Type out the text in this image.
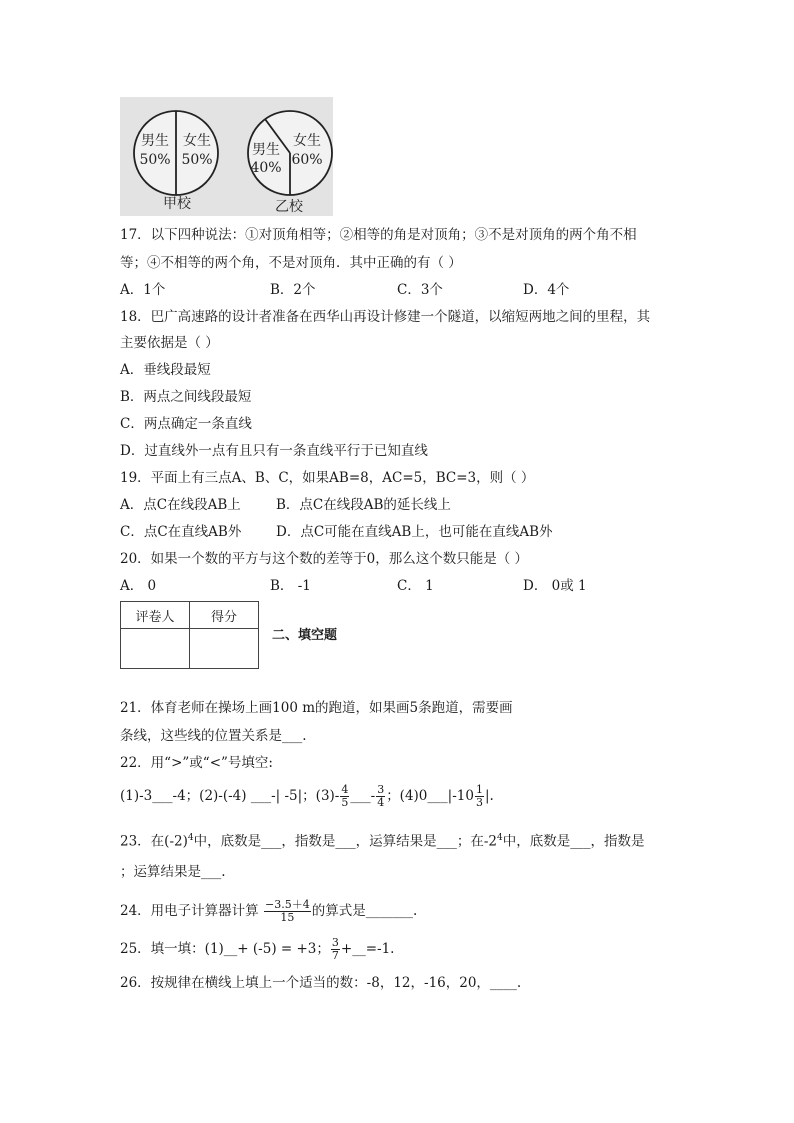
男生
50%
女生
50%
甲校
男生
40%
女生
60%
乙校
17．以下四种说法：①对顶角相等；②相等的角是对顶角；③不是对顶角的两个角不相
等；④不相等的两个角，不是对顶角．其中正确的有（ ）
A．1个	B．2个	C．3个	D．4个
18．巴广高速路的设计者准备在西华山再设计修建一个隧道，以缩短两地之间的里程，其
主要依据是（ ）
A．垂线段最短
B．两点之间线段最短
C．两点确定一条直线
D．过直线外一点有且只有一条直线平行于已知直线
19．平面上有三点A、B、C，如果AB=8，AC=5，BC=3，则（ ）
A．点C在线段AB上	B．点C在线段AB的延长线上
C．点C在直线AB外	D．点C可能在直线AB上，也可能在直线AB外
20．如果一个数的平方与这个数的差等于0，那么这个数只能是（ ）
A． 0	B． -1	C． 1	D． 0或 1
评卷人	得分

二、填空题
21．体育老师在操场上画100 m的跑道，如果画5条跑道，需要画
条线，这些线的位置关系是___.
22．用“>”或“<”号填空:
(1)-3___-4；(2)-(-4) ___-| -5|；$(3)- \frac{4}{5}$ ___- $\frac{3}{4}$ ；(4)0___|-10 $\frac{1}{3}$ |.
23．在$(-2)^4$中，底数是___，指数是___，运算结果是___；在$-2^4$中，底数是___，指数是
；运算结果是___.
24．用电子计算器计算 $\frac{-3.5+4}{15}$ 的算式是_______.
25．填一填：(1)__+ (-5) = +3； $\frac{3}{7}$ +__=-1.
26．按规律在横线上填上一个适当的数：-8，12，-16，20，____.
